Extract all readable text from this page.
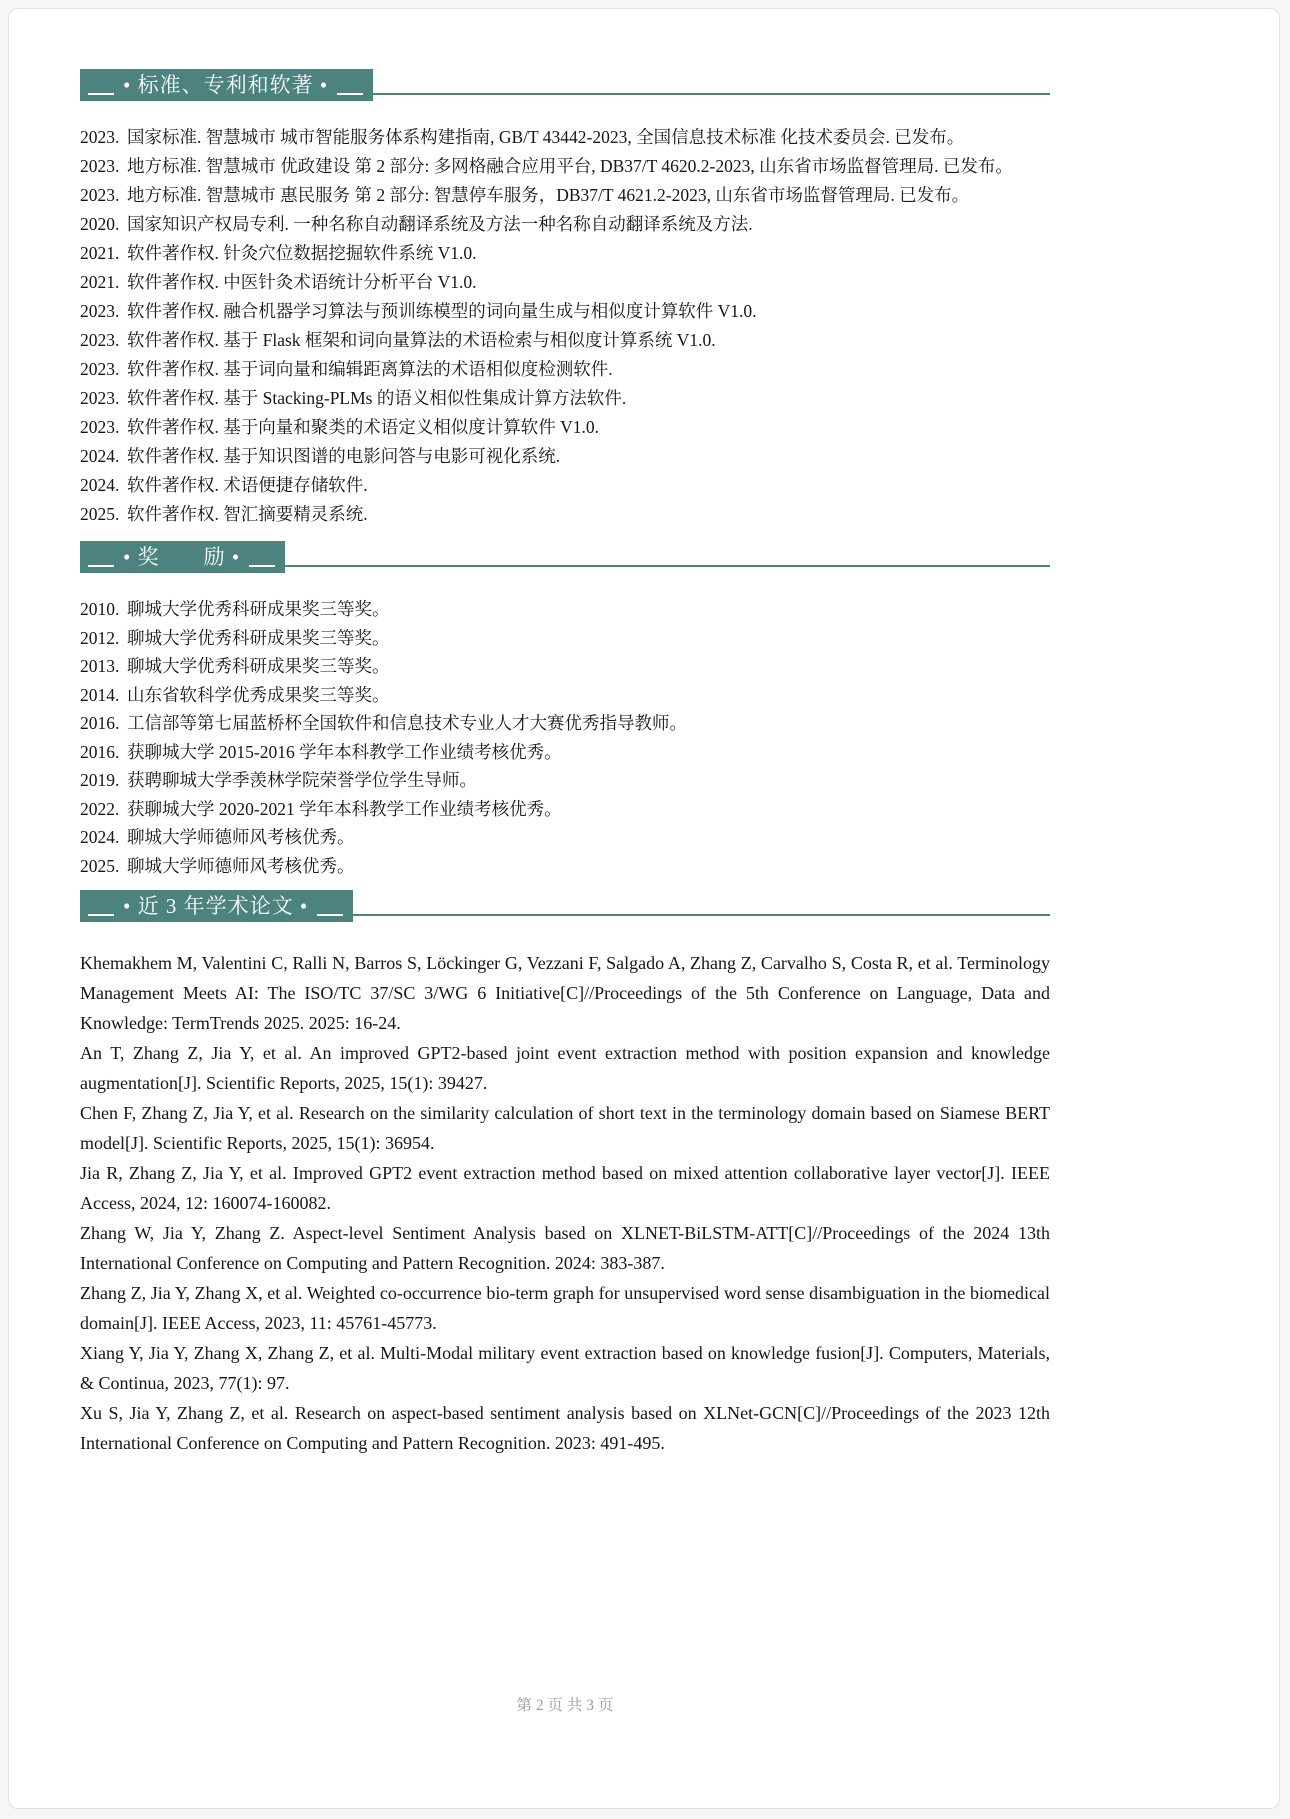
• 标准、专利和软著 •
2023. 国家标准. 智慧城市 城市智能服务体系构建指南, GB/T 43442-2023, 全国信息技术标准 化技术委员会. 已发布。
2023. 地方标准. 智慧城市 优政建设 第 2 部分: 多网格融合应用平台, DB37/T 4620.2-2023, 山东省市场监督管理局. 已发布。
2023. 地方标准. 智慧城市 惠民服务 第 2 部分: 智慧停车服务，DB37/T 4621.2-2023, 山东省市场监督管理局. 已发布。
2020. 国家知识产权局专利. 一种名称自动翻译系统及方法一种名称自动翻译系统及方法.
2021. 软件著作权. 针灸穴位数据挖掘软件系统 V1.0.
2021. 软件著作权. 中医针灸术语统计分析平台 V1.0.
2023. 软件著作权. 融合机器学习算法与预训练模型的词向量生成与相似度计算软件 V1.0.
2023. 软件著作权. 基于 Flask 框架和词向量算法的术语检索与相似度计算系统 V1.0.
2023. 软件著作权. 基于词向量和编辑距离算法的术语相似度检测软件.
2023. 软件著作权. 基于 Stacking-PLMs 的语义相似性集成计算方法软件.
2023. 软件著作权. 基于向量和聚类的术语定义相似度计算软件 V1.0.
2024. 软件著作权. 基于知识图谱的电影问答与电影可视化系统.
2024. 软件著作权. 术语便捷存储软件.
2025. 软件著作权. 智汇摘要精灵系统.
• 奖　　励 •
2010. 聊城大学优秀科研成果奖三等奖。
2012. 聊城大学优秀科研成果奖三等奖。
2013. 聊城大学优秀科研成果奖三等奖。
2014. 山东省软科学优秀成果奖三等奖。
2016. 工信部等第七届蓝桥杯全国软件和信息技术专业人才大赛优秀指导教师。
2016. 获聊城大学 2015-2016 学年本科教学工作业绩考核优秀。
2019. 获聘聊城大学季羡林学院荣誉学位学生导师。
2022. 获聊城大学 2020-2021 学年本科教学工作业绩考核优秀。
2024. 聊城大学师德师风考核优秀。
2025. 聊城大学师德师风考核优秀。
• 近 3 年学术论文 •

Khemakhem M, Valentini C, Ralli N, Barros S, Löckinger G, Vezzani F, Salgado A, Zhang Z, Carvalho S, Costa R, et al. Terminology Management Meets AI: The ISO/TC 37/SC 3/WG 6 Initiative[C]//Proceedings of the 5th Conference on Language, Data and Knowledge: TermTrends 2025. 2025: 16-24.

An T, Zhang Z, Jia Y, et al. An improved GPT2-based joint event extraction method with position expansion and knowledge augmentation[J]. Scientific Reports, 2025, 15(1): 39427.

Chen F, Zhang Z, Jia Y, et al. Research on the similarity calculation of short text in the terminology domain based on Siamese BERT model[J]. Scientific Reports, 2025, 15(1): 36954.

Jia R, Zhang Z, Jia Y, et al. Improved GPT2 event extraction method based on mixed attention collaborative layer vector[J]. IEEE Access, 2024, 12: 160074-160082.

Zhang W, Jia Y, Zhang Z. Aspect-level Sentiment Analysis based on XLNET-BiLSTM-ATT[C]//Proceedings of the 2024 13th International Conference on Computing and Pattern Recognition. 2024: 383-387.

Zhang Z, Jia Y, Zhang X, et al. Weighted co-occurrence bio-term graph for unsupervised word sense disambiguation in the biomedical domain[J]. IEEE Access, 2023, 11: 45761-45773.

Xiang Y, Jia Y, Zhang X, Zhang Z, et al. Multi-Modal military event extraction based on knowledge fusion[J]. Computers, Materials, & Continua, 2023, 77(1): 97.

Xu S, Jia Y, Zhang Z, et al. Research on aspect-based sentiment analysis based on XLNet-GCN[C]//Proceedings of the 2023 12th International Conference on Computing and Pattern Recognition. 2023: 491-495.

第 2 页 共 3 页
